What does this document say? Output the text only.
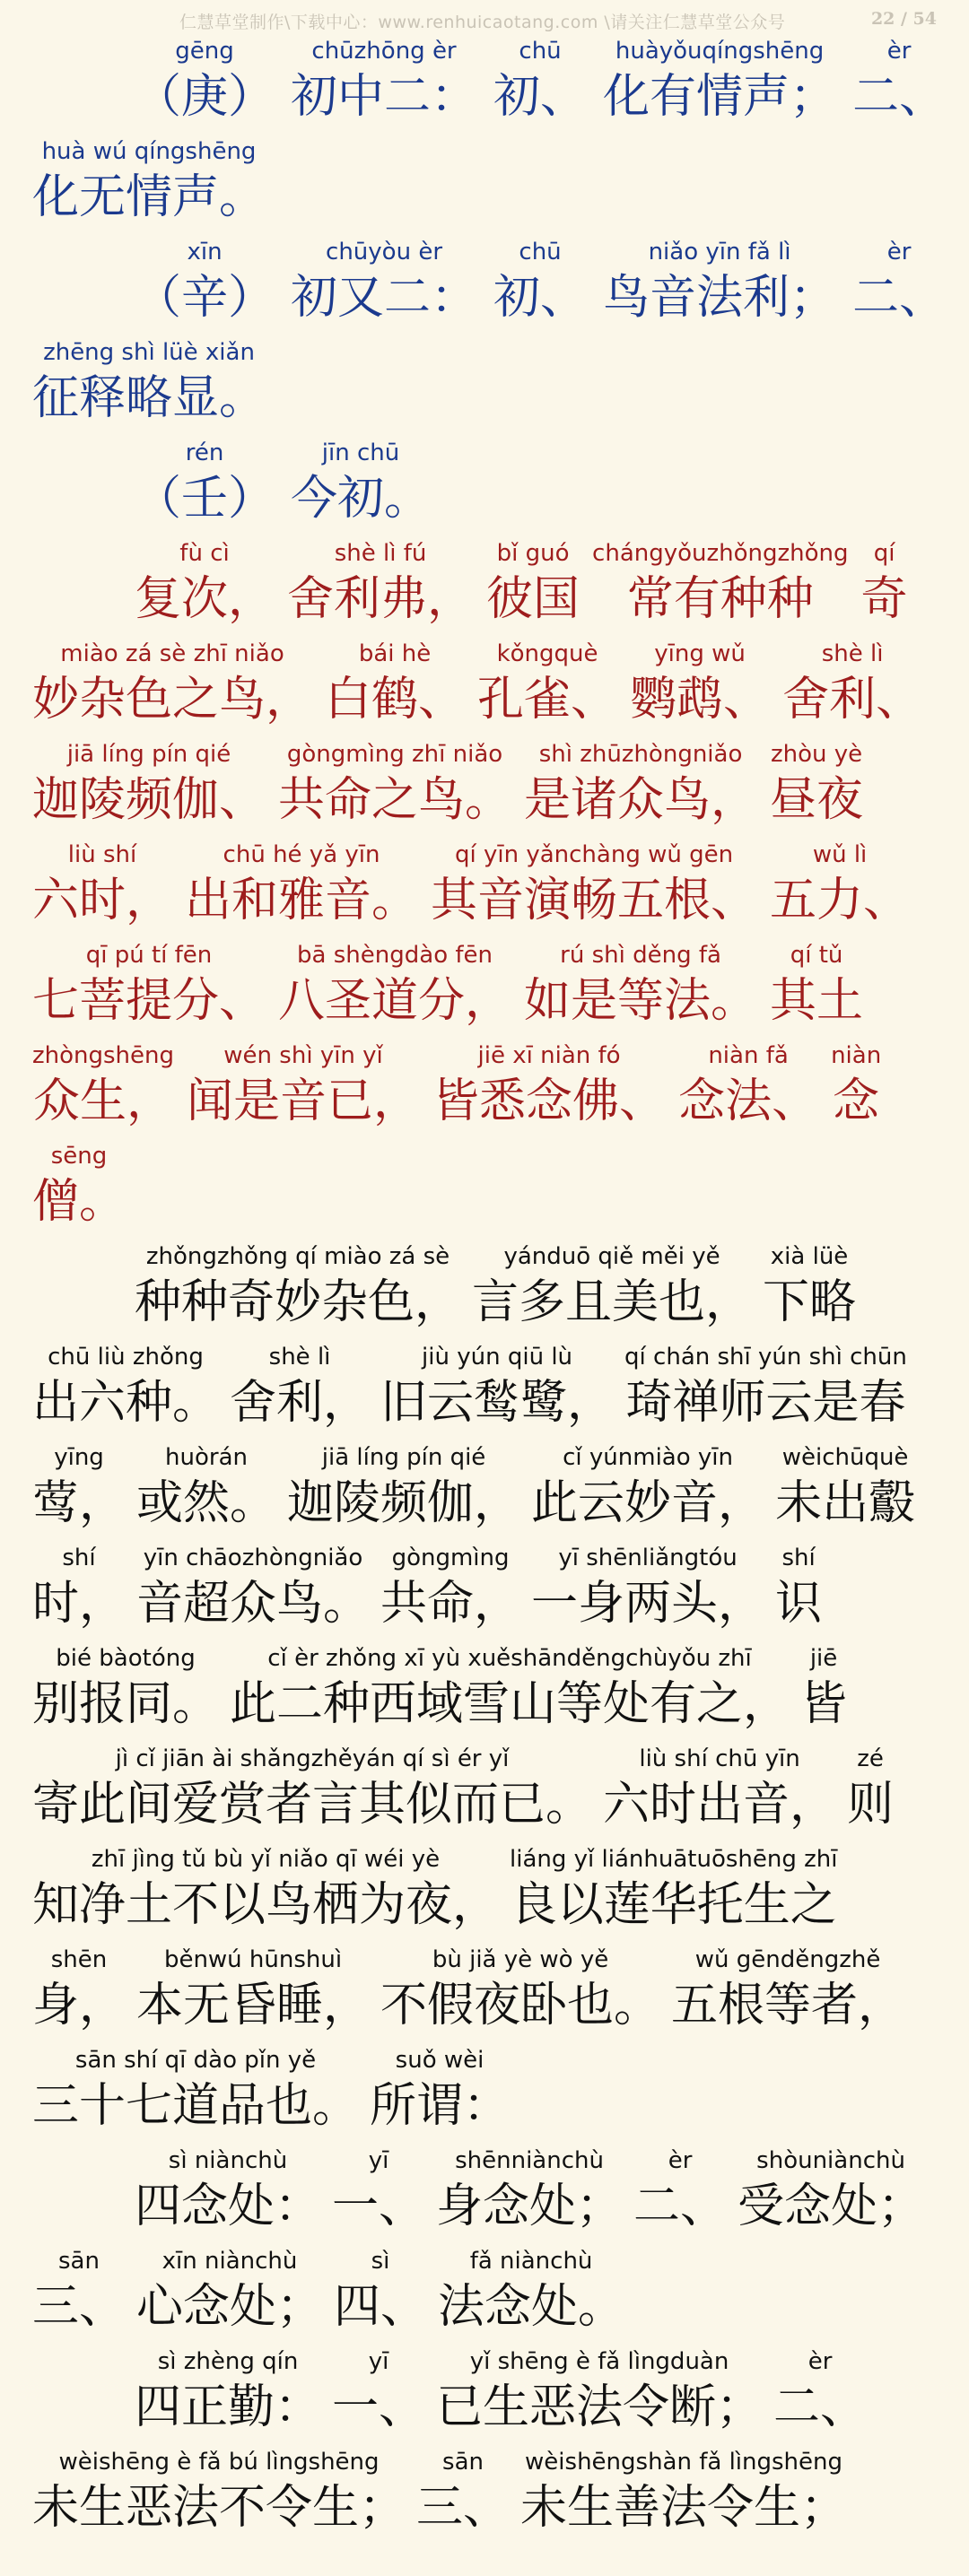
仁慧草堂制作\下载中心：www.renhuicaotang.com \请关注仁慧草堂公众号	22 / 54
gēng
（庚）
chūzhōng èr
初中二：
chū
初、
huàyǒuqíngshēng
化有情声；
èr
二、
huà wú qíngshēng
化无情声。
xīn
（辛）
chūyòu èr
初又二：
chū
初、
niǎo yīn fǎ lì
鸟音法利；
èr
二、
zhēng shì lüè xiǎn
征释略显。
rén
（壬）
jīn chū
今初。
fù cì
复次，
shè lì fú
舍利弗，
bǐ guó
彼国
chángyǒuzhǒngzhǒng
常有种种
qí
奇
miào zá sè zhī niǎo
妙杂色之鸟，
bái hè
白鹤、
kǒngquè
孔雀、
yīng wǔ
鹦鹉、
shè lì
舍利、
jiā líng pín qié
迦陵频伽、
gòngmìng zhī niǎo
共命之鸟。
shì zhūzhòngniǎo
是诸众鸟，
zhòu yè
昼夜
liù shí
六时，
chū hé yǎ yīn
出和雅音。
qí yīn yǎnchàng wǔ gēn
其音演畅五根、
wǔ lì
五力、
qī pú tí fēn
七菩提分、
bā shèngdào fēn
八圣道分，
rú shì děng fǎ
如是等法。
qí tǔ
其土
zhòngshēng
众生，
wén shì yīn yǐ
闻是音已，
jiē xī niàn fó
皆悉念佛、
niàn fǎ
念法、
niàn
念
sēng
僧。
zhǒngzhǒng qí miào zá sè
种种奇妙杂色，
yánduō qiě měi yě
言多且美也，
xià lüè
下略
chū liù zhǒng
出六种。
shè lì
舍利，
jiù yún qiū lù
旧云鹙鹭，
qí chán shī yún shì chūn
琦禅师云是春
yīng
莺，
huòrán
或然。
jiā líng pín qié
迦陵频伽，
cǐ yúnmiào yīn
此云妙音，
wèichūquè
未出鷇
shí
时，
yīn chāozhòngniǎo
音超众鸟。
gòngmìng
共命，
yī shēnliǎngtóu
一身两头，
shí
识
bié bàotóng
别报同。
cǐ èr zhǒng xī yù xuěshānděngchùyǒu zhī
此二种西域雪山等处有之，
jiē
皆
jì cǐ jiān ài shǎngzhěyán qí sì ér yǐ
寄此间爱赏者言其似而已。
liù shí chū yīn
六时出音，
zé
则
zhī jìng tǔ bù yǐ niǎo qī wéi yè
知净土不以鸟栖为夜，
liáng yǐ liánhuātuōshēng zhī
良以莲华托生之
shēn
身，
běnwú hūnshuì
本无昏睡，
bù jiǎ yè wò yě
不假夜卧也。
wǔ gēnděngzhě
五根等者，
sān shí qī dào pǐn yě
三十七道品也。
suǒ wèi
所谓：
sì niànchù
四念处：
yī
一、
shēnniànchù
身念处；
èr
二、
shòuniànchù
受念处；
sān
三、
xīn niànchù
心念处；
sì
四、
fǎ niànchù
法念处。
sì zhèng qín
四正勤：
yī
一、
yǐ shēng è fǎ lìngduàn
已生恶法令断；
èr
二、
wèishēng è fǎ bú lìngshēng
未生恶法不令生；
sān
三、
wèishēngshàn fǎ lìngshēng
未生善法令生；
